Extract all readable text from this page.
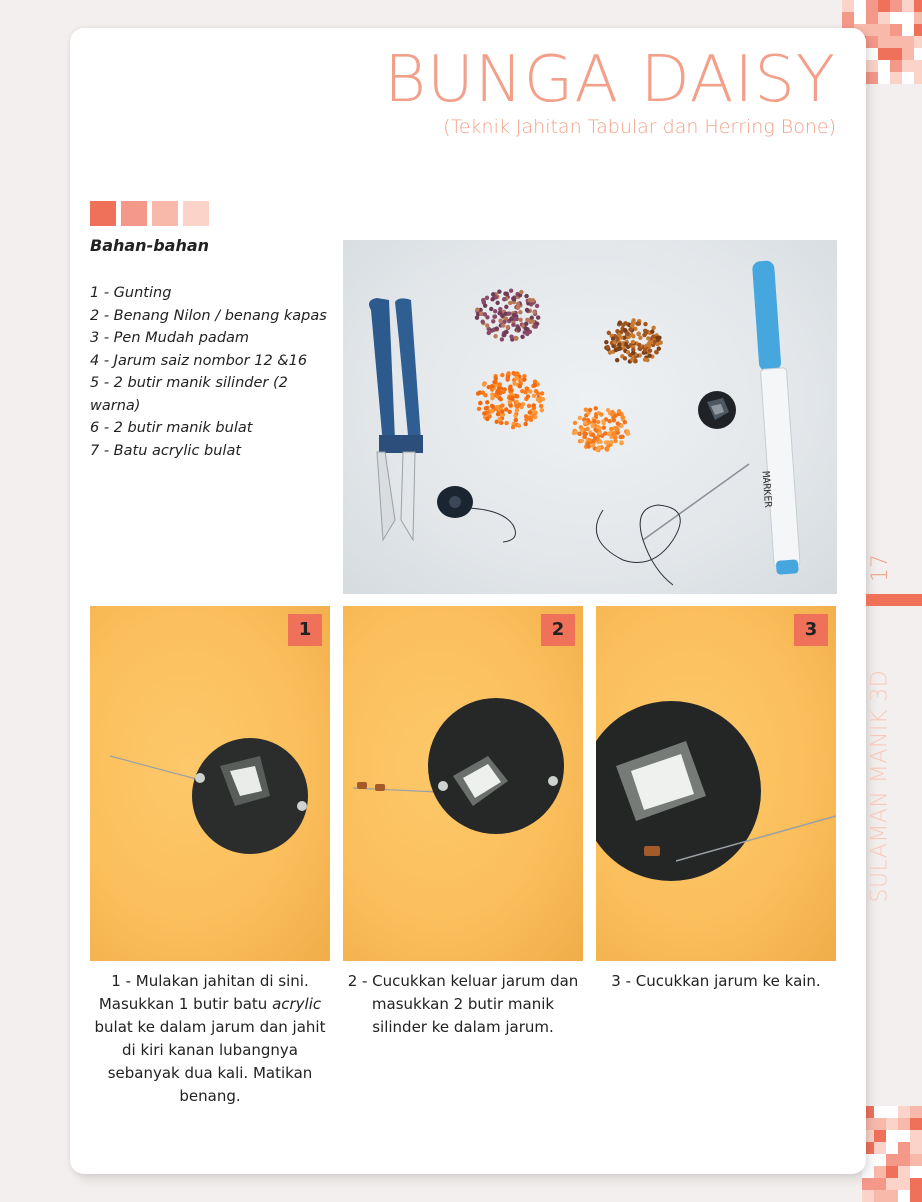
BUNGA DAISY
(Teknik Jahitan Tabular dan Herring Bone)
Bahan-bahan
1 - Gunting
2 - Benang Nilon / benang kapas
3 - Pen Mudah padam
4 - Jarum saiz nombor 12 &16
5 - 2 butir manik silinder (2 warna)
6 - 2 butir manik bulat
7 - Batu acrylic bulat
MARKER
1	2	3
1 - Mulakan jahitan di sini. Masukkan 1 butir batu acrylic bulat ke dalam jarum dan jahit di kiri kanan lubangnya sebanyak dua kali. Matikan benang.
2 - Cucukkan keluar jarum dan masukkan 2 butir manik silinder ke dalam jarum.
3 - Cucukkan jarum ke kain.
17
SULAMAN MANIK 3D
